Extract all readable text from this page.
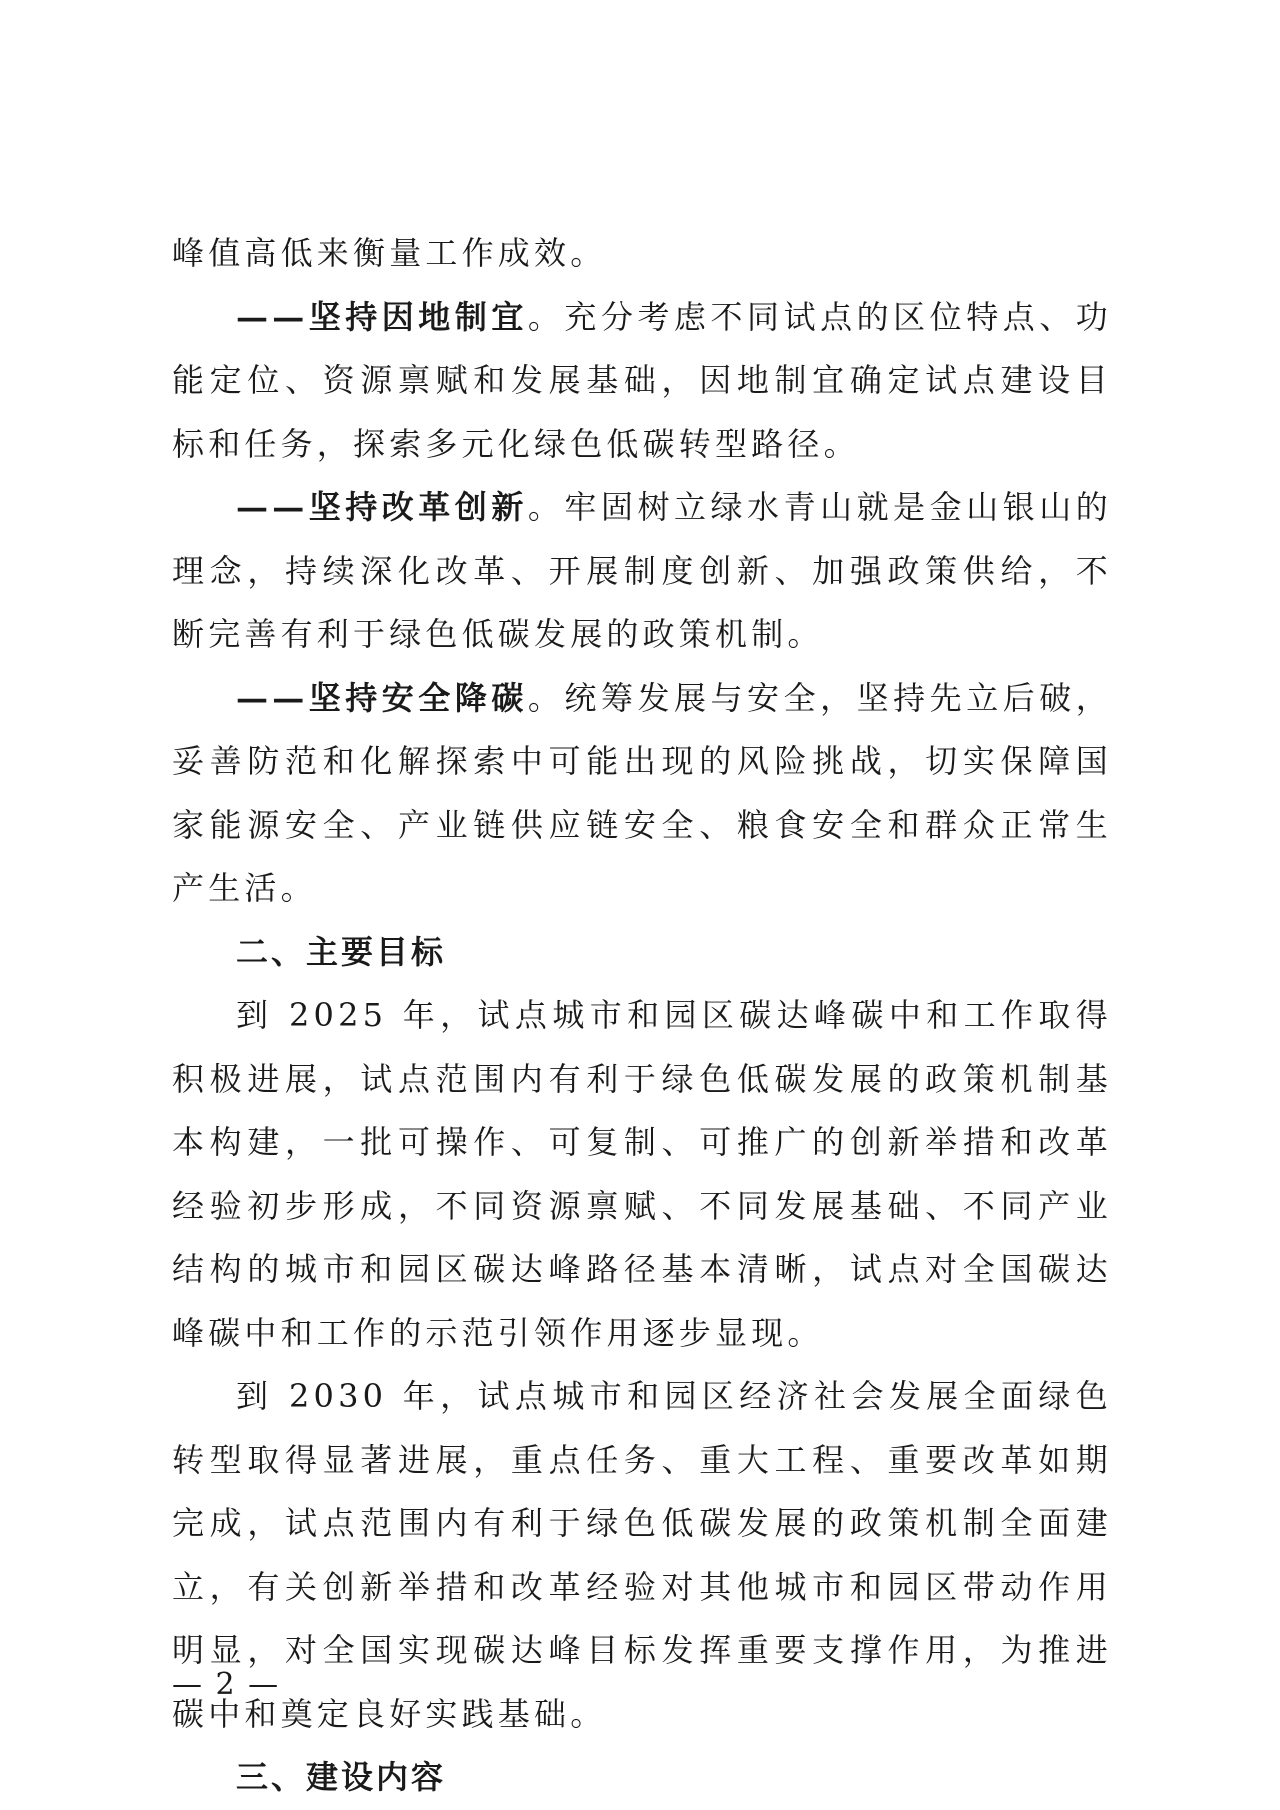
峰值高低来衡量工作成效。

——坚持因地制宜。充分考虑不同试点的区位特点、功能定位、资源禀赋和发展基础，因地制宜确定试点建设目标和任务，探索多元化绿色低碳转型路径。

——坚持改革创新。牢固树立绿水青山就是金山银山的理念，持续深化改革、开展制度创新、加强政策供给，不断完善有利于绿色低碳发展的政策机制。

——坚持安全降碳。统筹发展与安全，坚持先立后破，妥善防范和化解探索中可能出现的风险挑战，切实保障国家能源安全、产业链供应链安全、粮食安全和群众正常生产生活。

二、主要目标

到 2025 年，试点城市和园区碳达峰碳中和工作取得积极进展，试点范围内有利于绿色低碳发展的政策机制基本构建，一批可操作、可复制、可推广的创新举措和改革经验初步形成，不同资源禀赋、不同发展基础、不同产业结构的城市和园区碳达峰路径基本清晰，试点对全国碳达峰碳中和工作的示范引领作用逐步显现。

到 2030 年，试点城市和园区经济社会发展全面绿色转型取得显著进展，重点任务、重大工程、重要改革如期完成，试点范围内有利于绿色低碳发展的政策机制全面建立，有关创新举措和改革经验对其他城市和园区带动作用明显，对全国实现碳达峰目标发挥重要支撑作用，为推进碳中和奠定良好实践基础。

三、建设内容

— 2 —
